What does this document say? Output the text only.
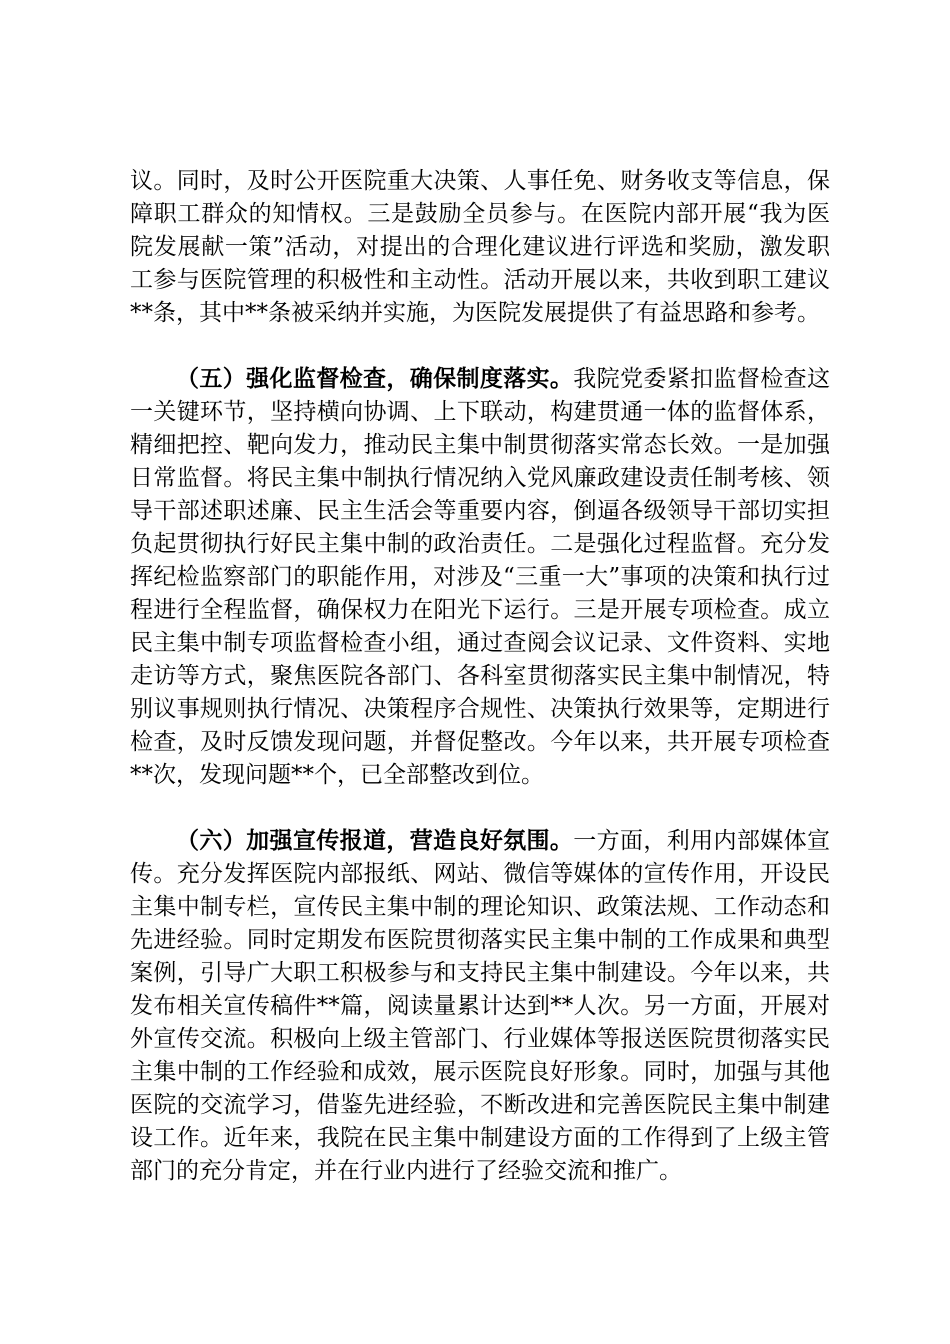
议。同时，及时公开医院重大决策、人事任免、财务收支等信息，保障职工群众的知情权。三是鼓励全员参与。在医院内部开展“我为医院发展献一策”活动，对提出的合理化建议进行评选和奖励，激发职工参与医院管理的积极性和主动性。活动开展以来，共收到职工建议**条，其中**条被采纳并实施，为医院发展提供了有益思路和参考。

（五）强化监督检查，确保制度落实。我院党委紧扣监督检查这一关键环节，坚持横向协调、上下联动，构建贯通一体的监督体系，精细把控、靶向发力，推动民主集中制贯彻落实常态长效。一是加强日常监督。将民主集中制执行情况纳入党风廉政建设责任制考核、领导干部述职述廉、民主生活会等重要内容，倒逼各级领导干部切实担负起贯彻执行好民主集中制的政治责任。二是强化过程监督。充分发挥纪检监察部门的职能作用，对涉及“三重一大”事项的决策和执行过程进行全程监督，确保权力在阳光下运行。三是开展专项检查。成立民主集中制专项监督检查小组，通过查阅会议记录、文件资料、实地走访等方式，聚焦医院各部门、各科室贯彻落实民主集中制情况，特别议事规则执行情况、决策程序合规性、决策执行效果等，定期进行检查，及时反馈发现问题，并督促整改。今年以来，共开展专项检查**次，发现问题**个，已全部整改到位。

（六）加强宣传报道，营造良好氛围。一方面，利用内部媒体宣传。充分发挥医院内部报纸、网站、微信等媒体的宣传作用，开设民主集中制专栏，宣传民主集中制的理论知识、政策法规、工作动态和先进经验。同时定期发布医院贯彻落实民主集中制的工作成果和典型案例，引导广大职工积极参与和支持民主集中制建设。今年以来，共发布相关宣传稿件**篇，阅读量累计达到**人次。另一方面，开展对外宣传交流。积极向上级主管部门、行业媒体等报送医院贯彻落实民主集中制的工作经验和成效，展示医院良好形象。同时，加强与其他医院的交流学习，借鉴先进经验，不断改进和完善医院民主集中制建设工作。近年来，我院在民主集中制建设方面的工作得到了上级主管部门的充分肯定，并在行业内进行了经验交流和推广。
